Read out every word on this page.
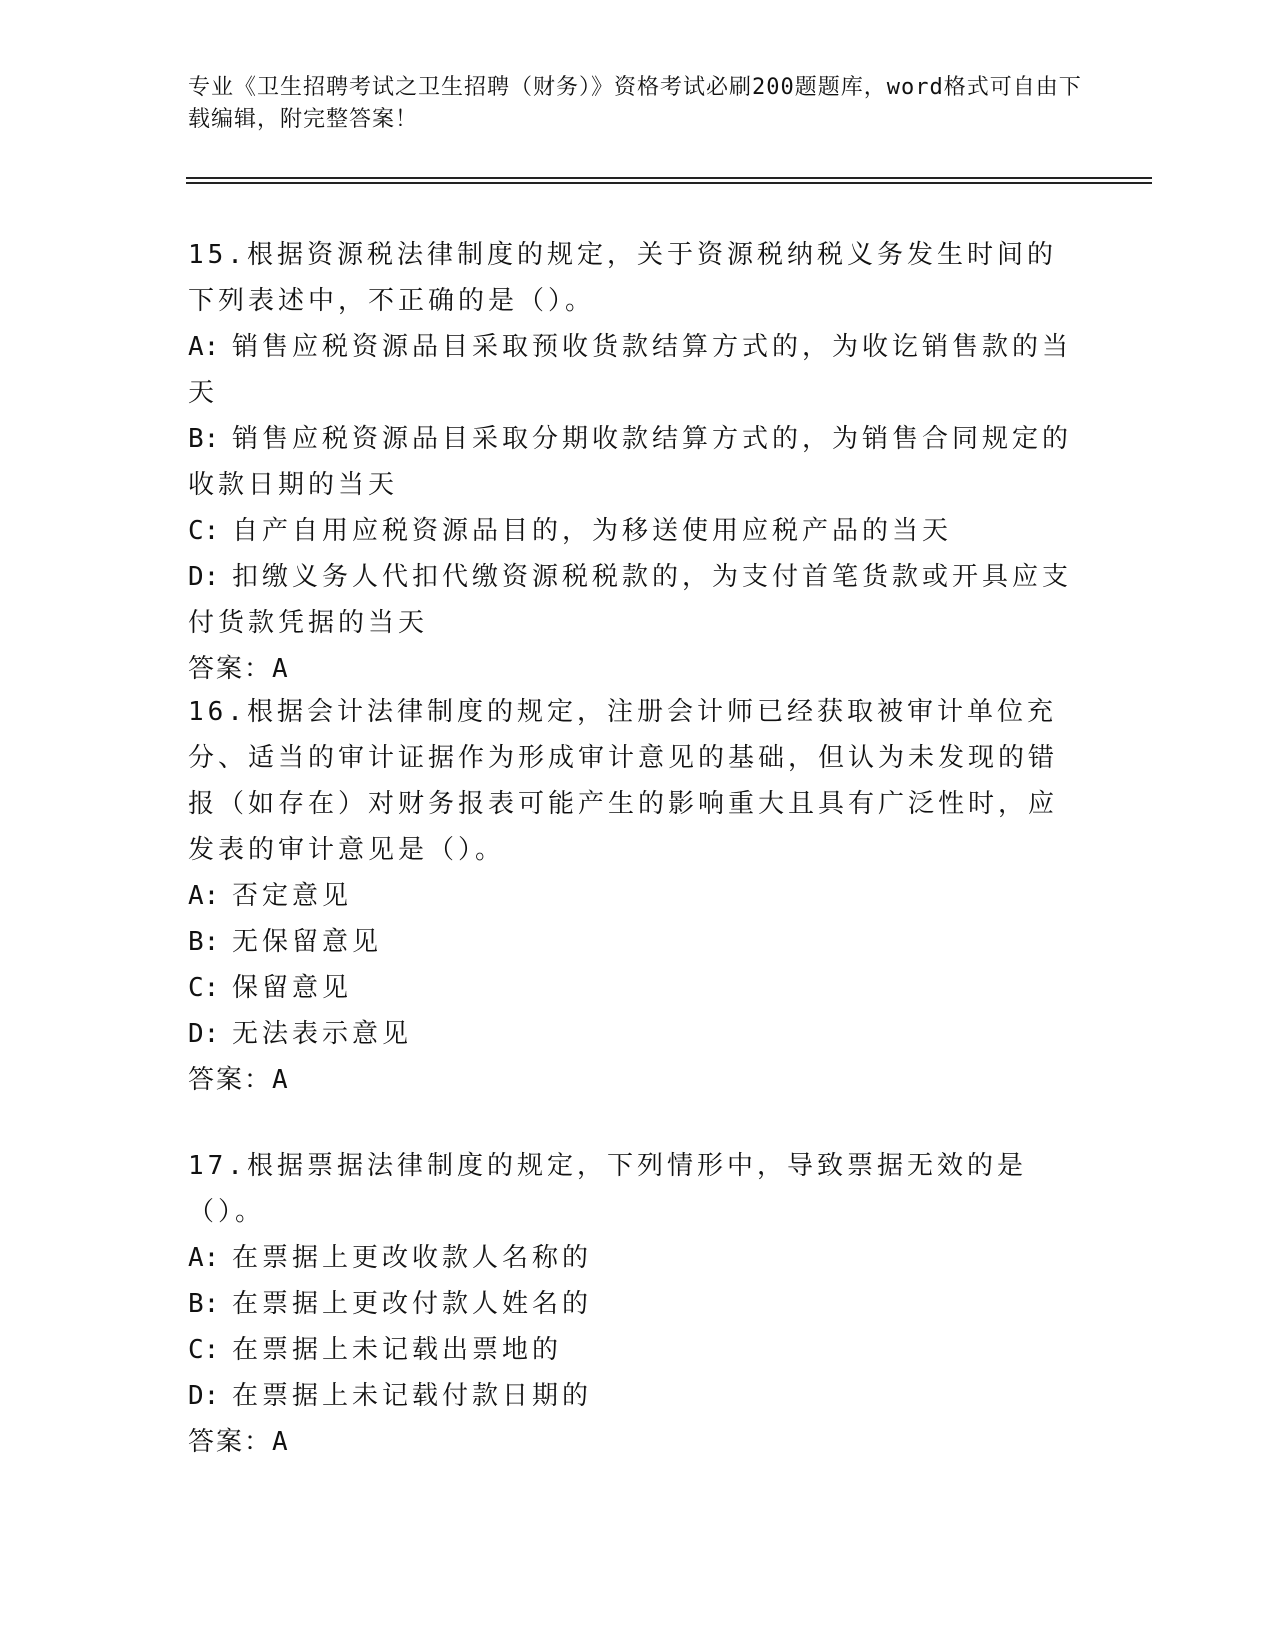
专业《卫生招聘考试之卫生招聘（财务）》资格考试必刷200题题库，word格式可自由下载编辑，附完整答案！

15.根据资源税法律制度的规定，关于资源税纳税义务发生时间的下列表述中，不正确的是（）。

A: 销售应税资源品目采取预收货款结算方式的，为收讫销售款的当天

B: 销售应税资源品目采取分期收款结算方式的，为销售合同规定的收款日期的当天

C: 自产自用应税资源品目的，为移送使用应税产品的当天

D: 扣缴义务人代扣代缴资源税税款的，为支付首笔货款或开具应支付货款凭据的当天

答案：A

16.根据会计法律制度的规定，注册会计师已经获取被审计单位充分、适当的审计证据作为形成审计意见的基础，但认为未发现的错报（如存在）对财务报表可能产生的影响重大且具有广泛性时，应发表的审计意见是（）。

A: 否定意见

B: 无保留意见

C: 保留意见

D: 无法表示意见

答案：A

17.根据票据法律制度的规定，下列情形中，导致票据无效的是（）。

A: 在票据上更改收款人名称的

B: 在票据上更改付款人姓名的

C: 在票据上未记载出票地的

D: 在票据上未记载付款日期的

答案：A
